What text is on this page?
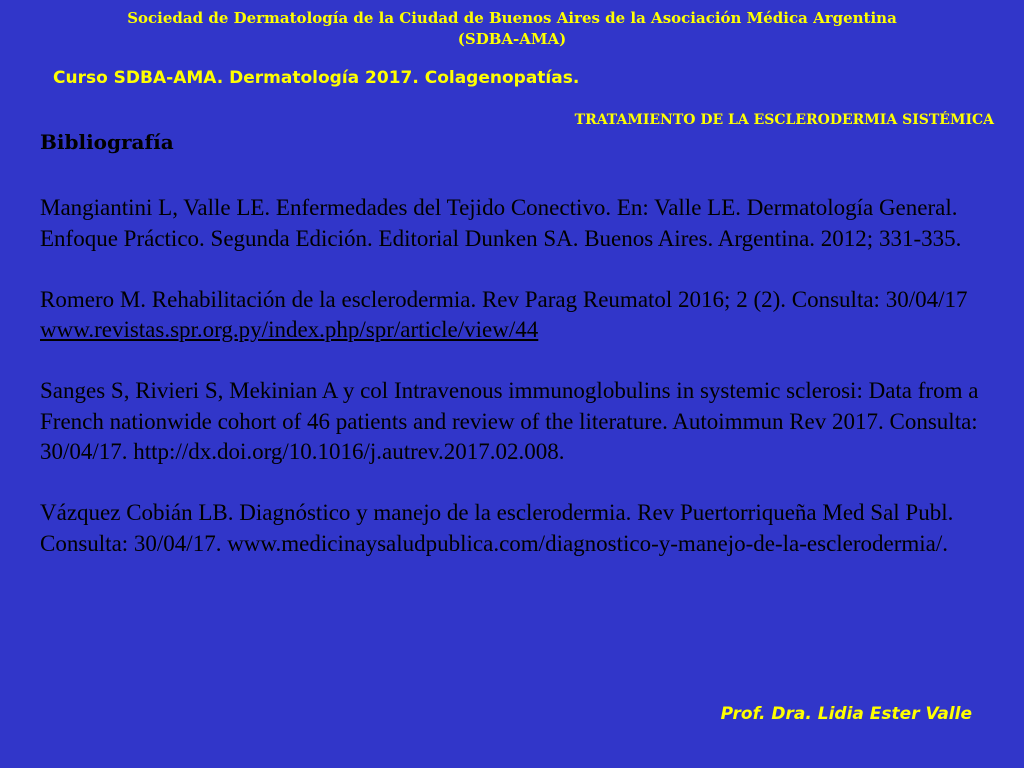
Sociedad de Dermatología de la Ciudad de Buenos Aires de la Asociación Médica Argentina
(SDBA-AMA)
Curso SDBA-AMA. Dermatología 2017. Colagenopatías.
TRATAMIENTO DE LA ESCLERODERMIA SISTÉMICA
Bibliografía
Mangiantini L, Valle LE. Enfermedades del Tejido Conectivo. En: Valle LE. Dermatología General. Enfoque Práctico. Segunda Edición. Editorial Dunken SA. Buenos Aires. Argentina. 2012; 331-335.
Romero M. Rehabilitación de la esclerodermia. Rev Parag Reumatol 2016; 2 (2). Consulta: 30/04/17
www.revistas.spr.org.py/index.php/spr/article/view/44
Sanges S, Rivieri S, Mekinian A y col Intravenous immunoglobulins in systemic sclerosi: Data from a French nationwide cohort of 46 patients and review of the literature. Autoimmun Rev 2017. Consulta: 30/04/17. http://dx.doi.org/10.1016/j.autrev.2017.02.008.
Vázquez Cobián LB. Diagnóstico y manejo de la esclerodermia. Rev Puertorriqueña Med Sal Publ. Consulta: 30/04/17. www.medicinaysaludpublica.com/diagnostico-y-manejo-de-la-esclerodermia/.
Prof. Dra. Lidia Ester Valle
